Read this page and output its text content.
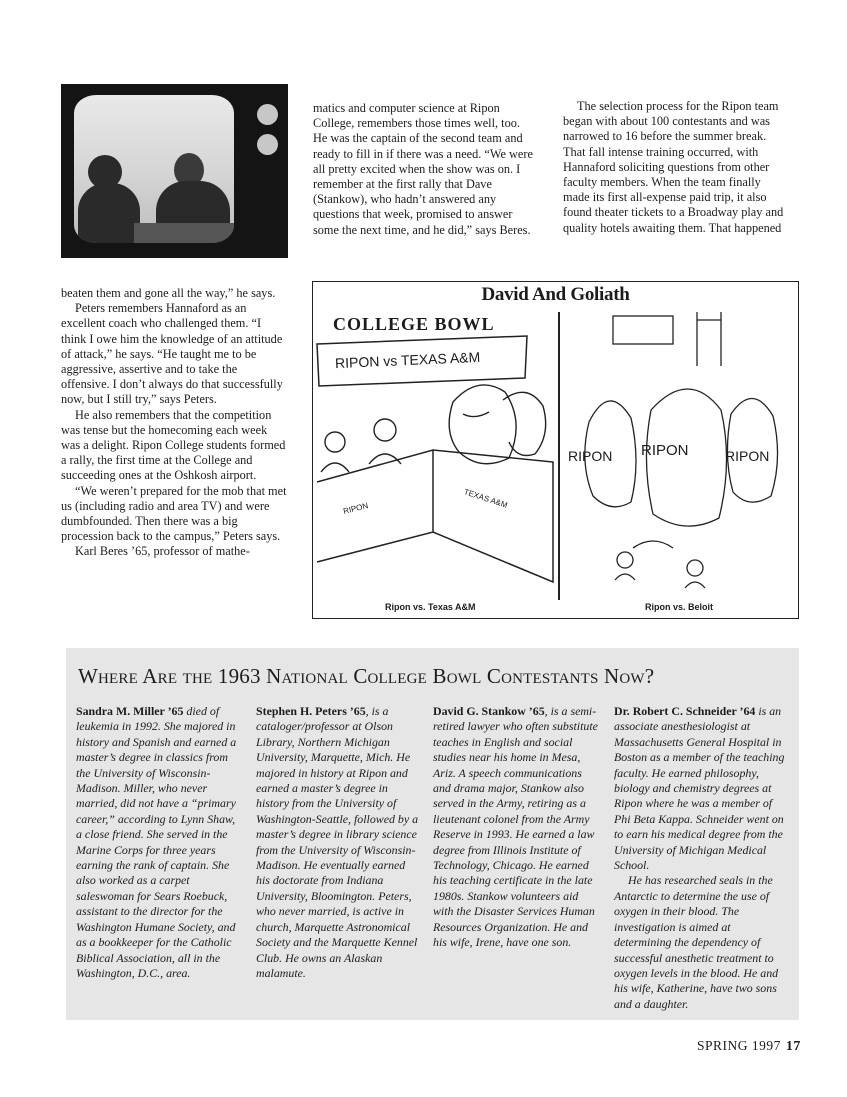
matics and computer science at Ripon College, remembers those times well, too. He was the captain of the second team and ready to fill in if there was a need. “We were all pretty excited when the show was on. I remember at the first rally that Dave (Stankow), who hadn’t answered any questions that week, promised to answer some the next time, and he did,” says Beres.

The selection process for the Ripon team began with about 100 contestants and was narrowed to 16 before the summer break. That fall intense training occurred, with Hannaford soliciting questions from other faculty members. When the team finally made its first all-expense paid trip, it also found theater tickets to a Broadway play and quality hotels awaiting them. That happened

beaten them and gone all the way,” he says.

Peters remembers Hannaford as an excellent coach who challenged them. “I think I owe him the knowledge of an attitude of attack,” he says. “He taught me to be aggressive, assertive and to take the offensive. I don’t always do that successfully now, but I still try,” says Peters.

He also remembers that the competition was tense but the homecoming each week was a delight. Ripon College students formed a rally, the first time at the College and succeeding ones at the Oshkosh airport.

“We weren’t prepared for the mob that met us (including radio and area TV) and were dumbfounded. Then there was a big procession back to the campus,” Peters says.

Karl Beres ’65, professor of mathe-

David And Goliath
COLLEGE BOWL
RIPON vs TEXAS A&M
RIPON	TEXAS A&M
RIPON RIPON	RIPON
Ripon vs. Texas A&M	Ripon vs. Beloit
Where Are the 1963 National College Bowl Contestants Now?

Sandra M. Miller ’65 died of leukemia in 1992. She majored in history and Spanish and earned a master’s degree in classics from the University of Wisconsin-Madison. Miller, who never married, did not have a “primary career,” according to Lynn Shaw, a close friend. She served in the Marine Corps for three years earning the rank of captain. She also worked as a carpet saleswoman for Sears Roebuck, assistant to the director for the Washington Humane Society, and as a bookkeeper for the Catholic Biblical Association, all in the Washington, D.C., area.

Stephen H. Peters ’65, is a cataloger/professor at Olson Library, Northern Michigan University, Marquette, Mich. He majored in history at Ripon and earned a master’s degree in history from the University of Washington-Seattle, followed by a master’s degree in library science from the University of Wisconsin-Madison. He eventually earned his doctorate from Indiana University, Bloomington. Peters, who never married, is active in church, Marquette Astronomical Society and the Marquette Kennel Club. He owns an Alaskan malamute.

David G. Stankow ’65, is a semi-retired lawyer who often substitute teaches in English and social studies near his home in Mesa, Ariz. A speech communications and drama major, Stankow also served in the Army, retiring as a lieutenant colonel from the Army Reserve in 1993. He earned a law degree from Illinois Institute of Technology, Chicago. He earned his teaching certificate in the late 1980s. Stankow volunteers aid with the Disaster Services Human Resources Organization. He and his wife, Irene, have one son.

Dr. Robert C. Schneider ’64 is an associate anesthesiologist at Massachusetts General Hospital in Boston as a member of the teaching faculty. He earned philosophy, biology and chemistry degrees at Ripon where he was a member of Phi Beta Kappa. Schneider went on to earn his medical degree from the University of Michigan Medical School.

He has researched seals in the Antarctic to determine the use of oxygen in their blood. The investigation is aimed at determining the dependency of successful anesthetic treatment to oxygen levels in the blood. He and his wife, Katherine, have two sons and a daughter.

SPRING 1997 17
